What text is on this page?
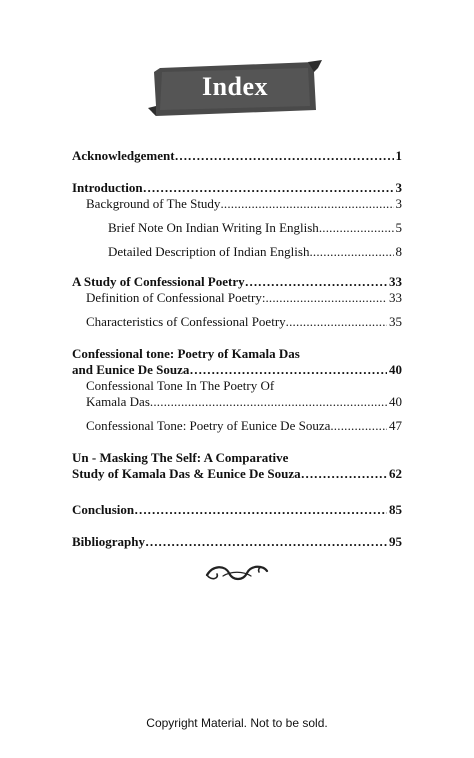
Index
Acknowledgement …………………………………………………………………………………………………………………………………………………………	1
Introduction …………………………………………………………………………………………………………………………………………………………	3
Background of The Study .....	3
Brief Note On Indian Writing In English .....	5
Detailed Description of Indian English .....	8
A Study of Confessional Poetry …………………………………………………………………………………………………………………………………………………………	33
Definition of Confessional Poetry: .....	33
Characteristics of Confessional Poetry .....	35
Confessional tone: Poetry of Kamala Das
and Eunice De Souza …………………………………………………………………………………………………………………………………………………………	40
Confessional Tone In The Poetry Of
Kamala Das .....	40
Confessional Tone: Poetry of Eunice De Souza .....	47
Un - Masking The Self: A Comparative
Study of Kamala Das & Eunice De Souza …………………………………………………………………………………………………………………………………………………………	62
Conclusion …………………………………………………………………………………………………………………………………………………………	85
Bibliography …………………………………………………………………………………………………………………………………………………………	95
Copyright Material. Not to be sold.
